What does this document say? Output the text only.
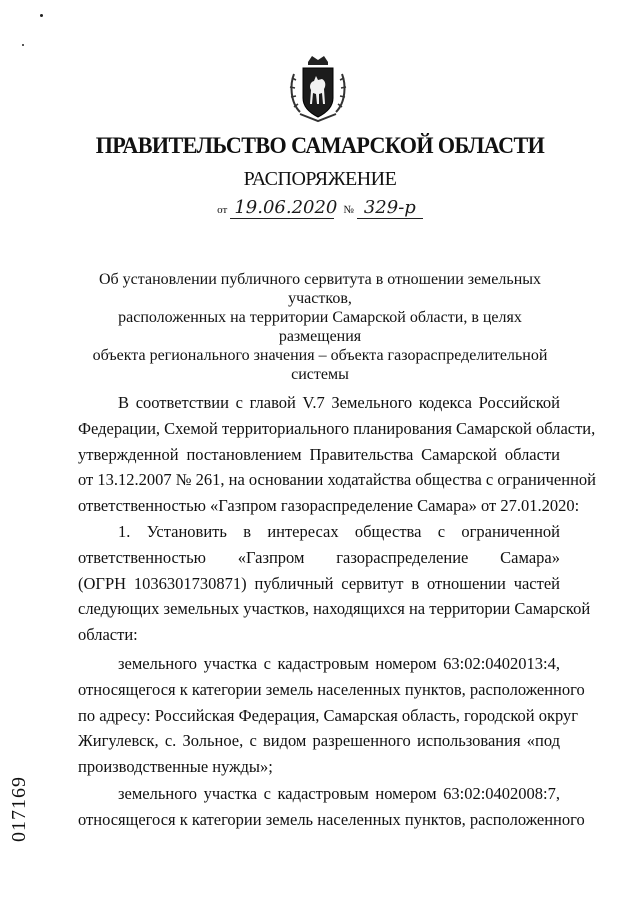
ПРАВИТЕЛЬСТВО САМАРСКОЙ ОБЛАСТИ
РАСПОРЯЖЕНИЕ
от 19.06.2020 № 329-р
Об установлении публичного сервитута в отношении земельных участков,
расположенных на территории Самарской области, в целях размещения
объекта регионального значения – объекта газораспределительной
системы
В соответствии с главой V.7 Земельного кодекса Российской
Федерации, Схемой территориального планирования Самарской области,
утвержденной постановлением Правительства Самарской области
от 13.12.2007 № 261, на основании ходатайства общества с ограниченной
ответственностью «Газпром газораспределение Самара» от 27.01.2020:
1. Установить в интересах общества с ограниченной
ответственностью «Газпром газораспределение Самара»
(ОГРН 1036301730871) публичный сервитут в отношении частей
следующих земельных участков, находящихся на территории Самарской
области:
земельного участка с кадастровым номером 63:02:0402013:4,
относящегося к категории земель населенных пунктов, расположенного
по адресу: Российская Федерация, Самарская область, городской округ
Жигулевск, с. Зольное, с видом разрешенного использования «под
производственные нужды»;
земельного участка с кадастровым номером 63:02:0402008:7,
относящегося к категории земель населенных пунктов, расположенного
017169
